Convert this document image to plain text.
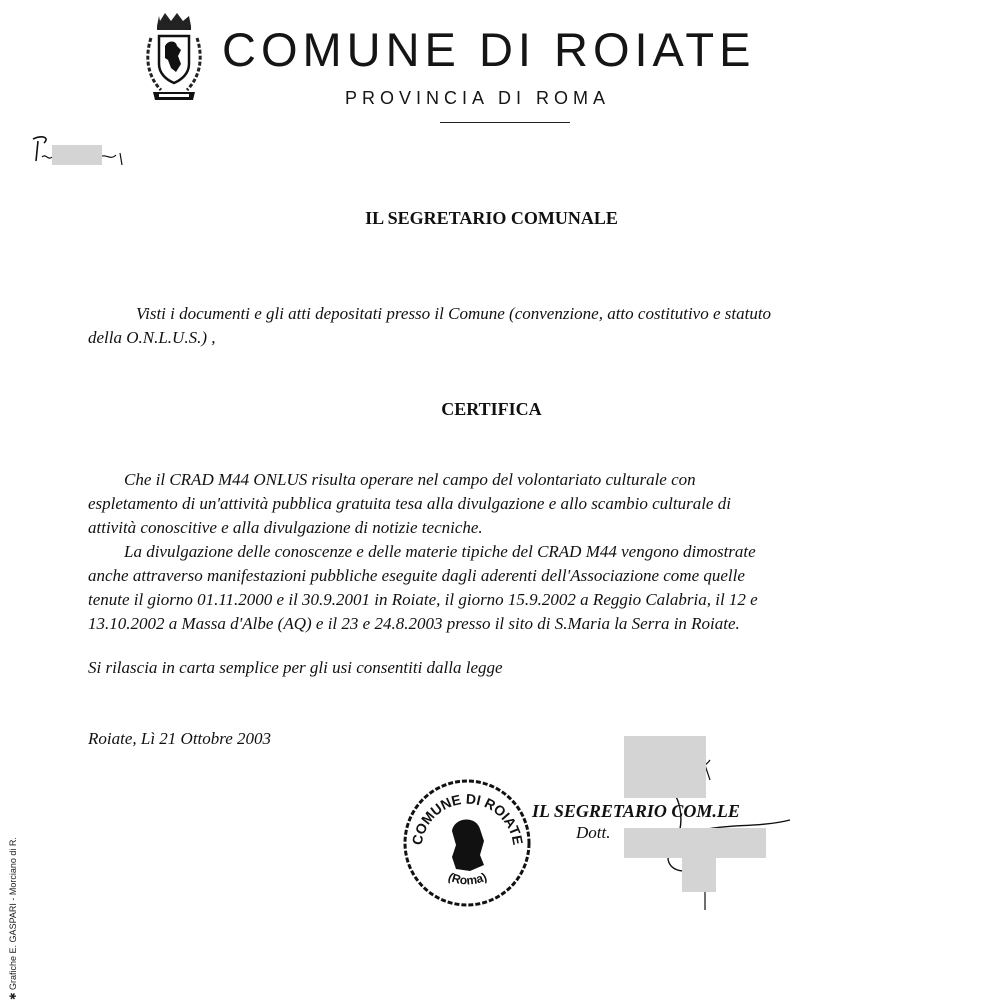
COMUNE DI ROIATE
PROVINCIA DI ROMA
IL SEGRETARIO COMUNALE
Visti i documenti e gli atti depositati presso il Comune (convenzione, atto costitutivo e statuto
della O.N.L.U.S.) ,
CERTIFICA
Che il CRAD M44 ONLUS risulta operare nel campo del volontariato culturale con
espletamento di un'attività pubblica gratuita tesa alla divulgazione e allo scambio culturale di
attività conoscitive e alla divulgazione di notizie tecniche.
La divulgazione delle conoscenze e delle materie tipiche del CRAD M44 vengono dimostrate
anche attraverso manifestazioni pubbliche eseguite dagli aderenti dell'Associazione come quelle
tenute il giorno 01.11.2000 e il 30.9.2001 in Roiate, il giorno 15.9.2002 a Reggio Calabria, il 12 e
13.10.2002 a Massa d'Albe (AQ) e il 23 e 24.8.2003 presso il sito di S.Maria la Serra in Roiate.
Si rilascia in carta semplice per gli usi consentiti dalla legge
Roiate, Lì 21 Ottobre 2003
COMUNE DI ROIATE
(Roma)
IL SEGRETARIO COM.LE
Dott.
✱ Grafiche E. GASPARI - Morciano di R.
